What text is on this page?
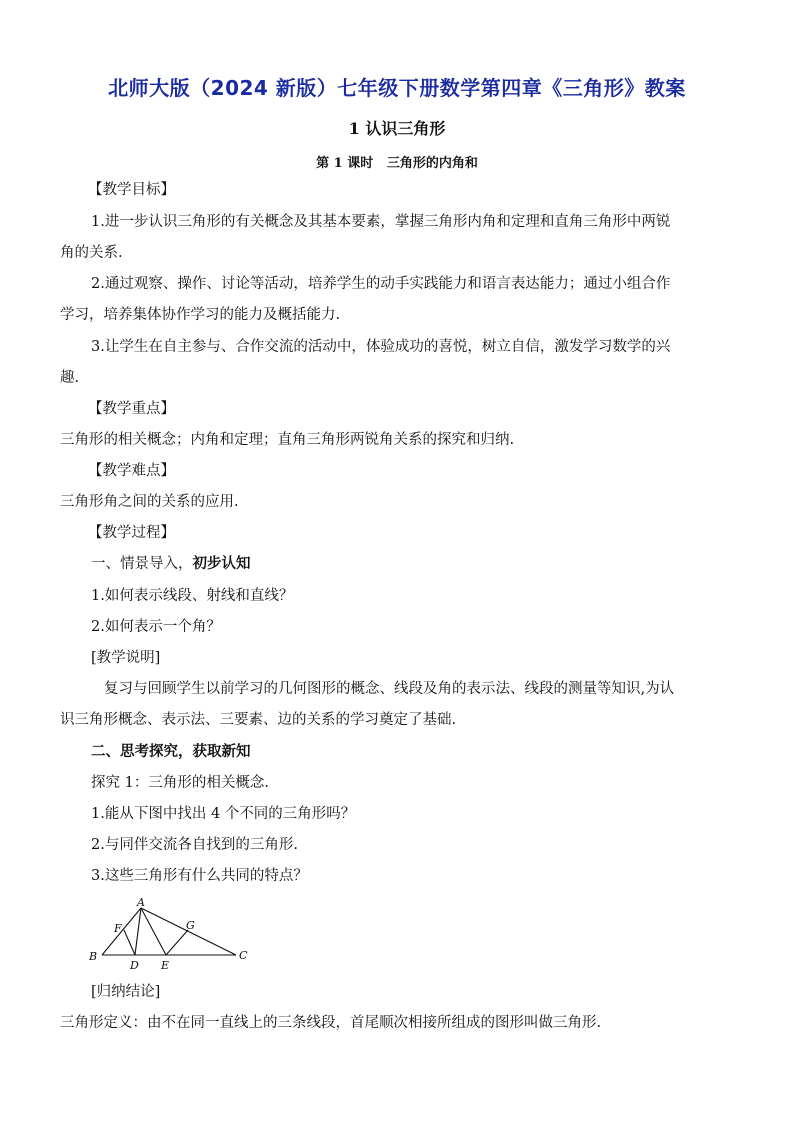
北师大版（2024 新版）七年级下册数学第四章《三角形》教案
1 认识三角形
第 1 课时   三角形的内角和
【教学目标】
1.进一步认识三角形的有关概念及其基本要素，掌握三角形内角和定理和直角三角形中两锐
角的关系.
2.通过观察、操作、讨论等活动，培养学生的动手实践能力和语言表达能力；通过小组合作
学习，培养集体协作学习的能力及概括能力.
3.让学生在自主参与、合作交流的活动中，体验成功的喜悦，树立自信，激发学习数学的兴
趣.
【教学重点】
三角形的相关概念；内角和定理；直角三角形两锐角关系的探究和归纳.
【教学难点】
三角形角之间的关系的应用.
【教学过程】
一、情景导入，初步认知
1.如何表示线段、射线和直线？
2.如何表示一个角？
[教学说明]
复习与回顾学生以前学习的几何图形的概念、线段及角的表示法、线段的测量等知识,为认
识三角形概念、表示法、三要素、边的关系的学习奠定了基础.
二、思考探究，获取新知
探究 1：三角形的相关概念.
1.能从下图中找出 4 个不同的三角形吗？
2.与同伴交流各自找到的三角形.
3.这些三角形有什么共同的特点？
A
B	C
D E
F	G
[归纳结论]
三角形定义：由不在同一直线上的三条线段，首尾顺次相接所组成的图形叫做三角形.
